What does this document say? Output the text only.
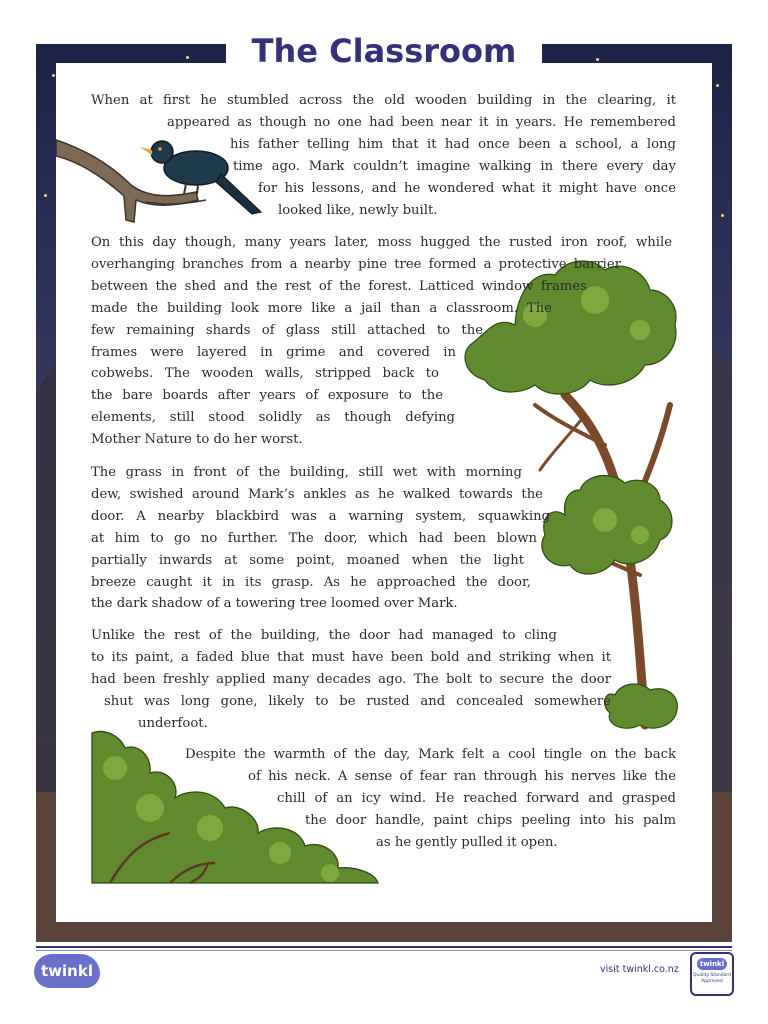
The Classroom
When at first he stumbled across the old wooden building in the clearing, it
appeared as though no one had been near it in years. He remembered
his father telling him that it had once been a school, a long
time ago. Mark couldn’t imagine walking in there every day
for his lessons, and he wondered what it might have once
looked like, newly built.
On this day though, many years later, moss hugged the rusted iron roof, while
overhanging branches from a nearby pine tree formed a protective barrier
between the shed and the rest of the forest. Latticed window frames
made the building look more like a jail than a classroom. The
few remaining shards of glass still attached to the
frames were layered in grime and covered in
cobwebs. The wooden walls, stripped back to
the bare boards after years of exposure to the
elements, still stood solidly as though defying
Mother Nature to do her worst.
The grass in front of the building, still wet with morning
dew, swished around Mark’s ankles as he walked towards the
door. A nearby blackbird was a warning system, squawking
at him to go no further. The door, which had been blown
partially inwards at some point, moaned when the light
breeze caught it in its grasp. As he approached the door,
the dark shadow of a towering tree loomed over Mark.
Unlike the rest of the building, the door had managed to cling
to its paint, a faded blue that must have been bold and striking when it
had been freshly applied many decades ago. The bolt to secure the door
shut was long gone, likely to be rusted and concealed somewhere
underfoot.
Despite the warmth of the day, Mark felt a cool tingle on the back
of his neck. A sense of fear ran through his nerves like the
chill of an icy wind. He reached forward and grasped
the door handle, paint chips peeling into his palm
as he gently pulled it open.
twinkl	visit twinkl.co.nz	twinkl
Quality Standard Approved
